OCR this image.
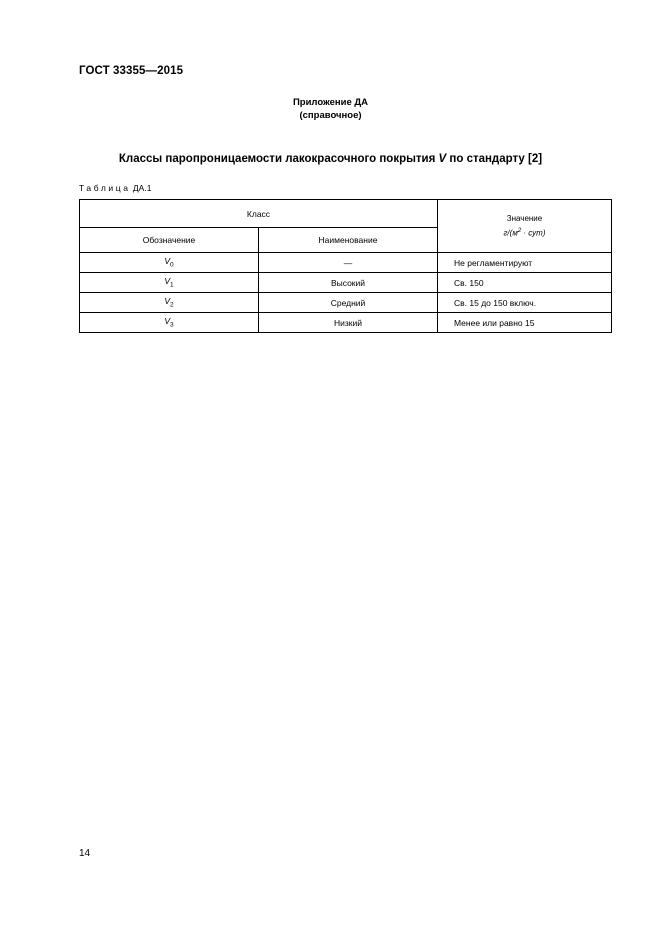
ГОСТ 33355—2015
Приложение ДА
(справочное)
Классы паропроницаемости лакокрасочного покрытия V по стандарту [2]
Таблица ДА.1
Класс		Значение
$г/(м^2 \cdot сут)$

Обозначение	Наименование	
$V_0$	—	Не регламентируют
$V_1$	Высокий	Св. 150
$V_2$	Средний	Св. 15 до 150 включ.
$V_3$	Низкий	Менее или равно 15
14
